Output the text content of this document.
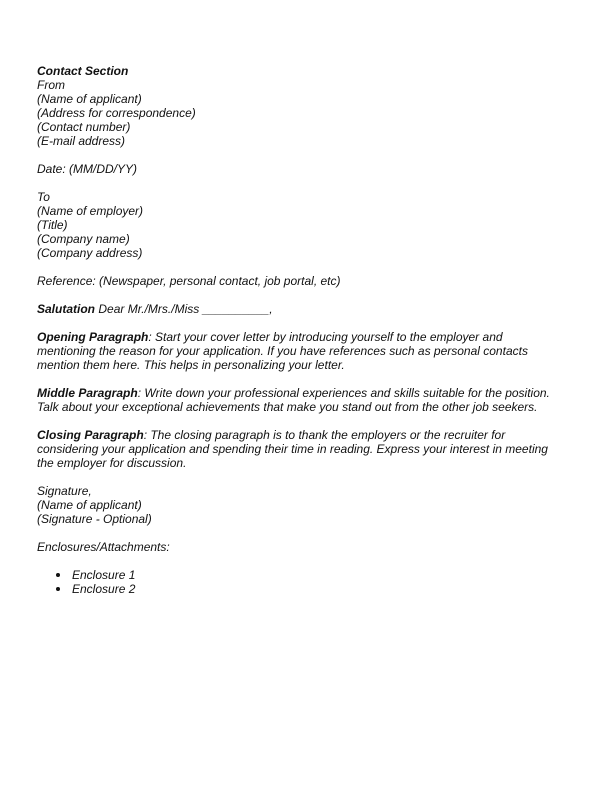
Contact Section
From
(Name of applicant)
(Address for correspondence)
(Contact number)
(E-mail address)
Date: (MM/DD/YY)
To
(Name of employer)
(Title)
(Company name)
(Company address)
Reference: (Newspaper, personal contact, job portal, etc)
Salutation Dear Mr./Mrs./Miss __________,
Opening Paragraph: Start your cover letter by introducing yourself to the employer and
mentioning the reason for your application. If you have references such as personal contacts
mention them here. This helps in personalizing your letter.
Middle Paragraph: Write down your professional experiences and skills suitable for the position.
Talk about your exceptional achievements that make you stand out from the other job seekers.
Closing Paragraph: The closing paragraph is to thank the employers or the recruiter for
considering your application and spending their time in reading. Express your interest in meeting
the employer for discussion.
Signature,
(Name of applicant)
(Signature - Optional)
Enclosures/Attachments:
Enclosure 1
Enclosure 2
